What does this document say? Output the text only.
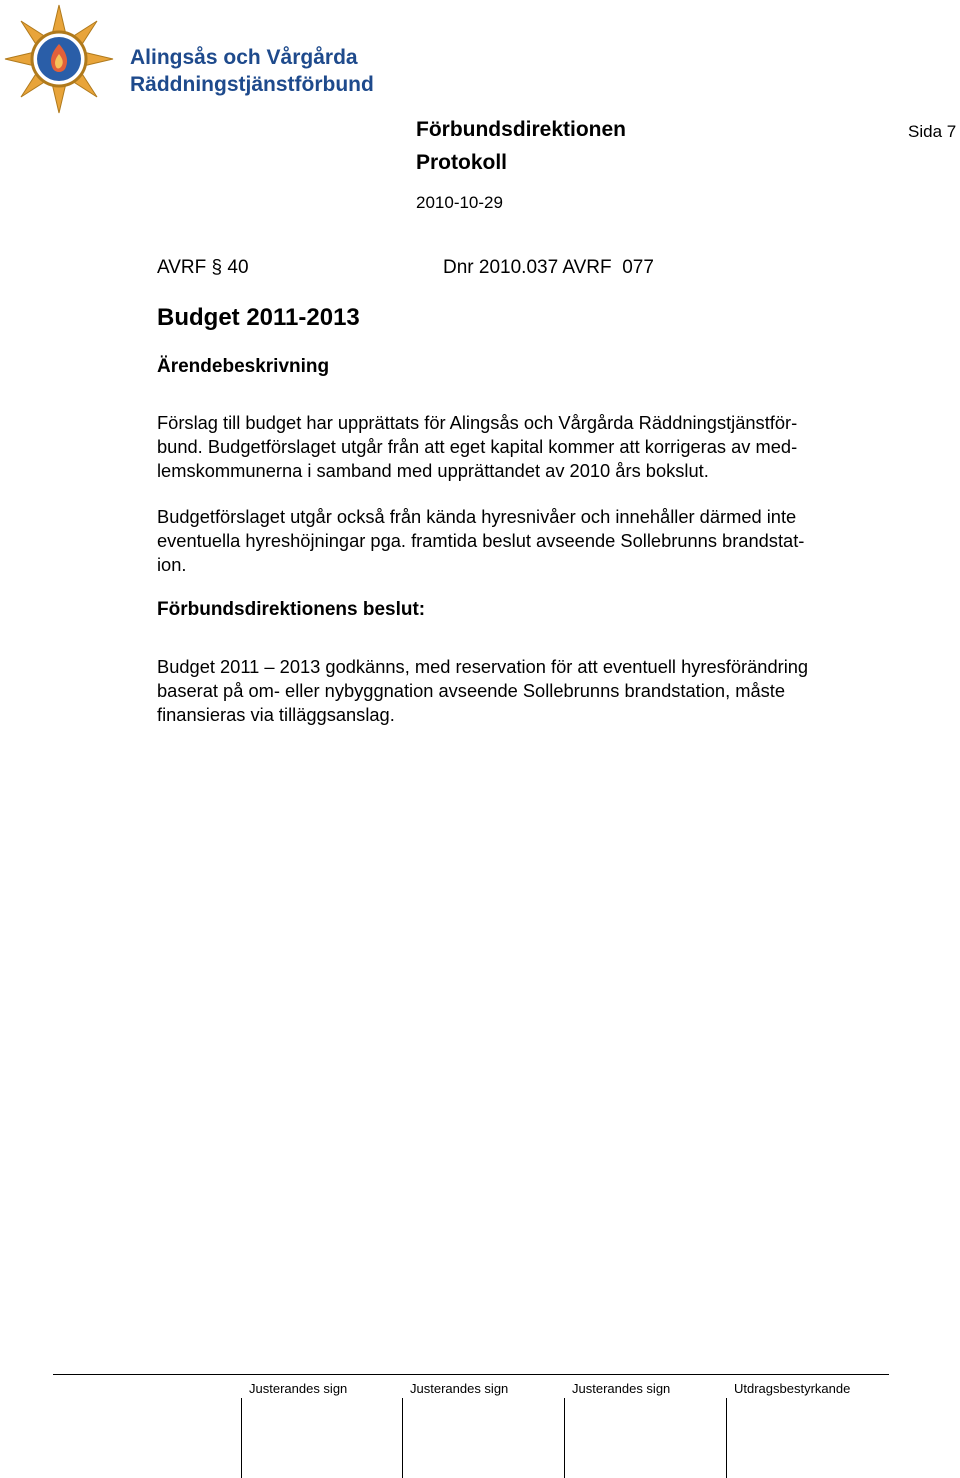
Alingsås och Vårgårda
Räddningstjänstförbund
Förbundsdirektionen
Protokoll
2010-10-29
Sida 7
AVRF § 40	Dnr 2010.037 AVRF  077
Budget 2011-2013
Ärendebeskrivning
Förslag till budget har upprättats för Alingsås och Vårgårda Räddningstjänstför-
bund. Budgetförslaget utgår från att eget kapital kommer att korrigeras av med-
lemskommunerna i samband med upprättandet av 2010 års bokslut.
Budgetförslaget utgår också från kända hyresnivåer och innehåller därmed inte
eventuella hyreshöjningar pga. framtida beslut avseende Sollebrunns brandstat-
ion.
Förbundsdirektionens beslut:
Budget 2011 – 2013 godkänns, med reservation för att eventuell hyresförändring
baserat på om- eller nybyggnation avseende Sollebrunns brandstation, måste
finansieras via tilläggsanslag.
Justerandes sign	Justerandes sign	Justerandes sign	Utdragsbestyrkande
